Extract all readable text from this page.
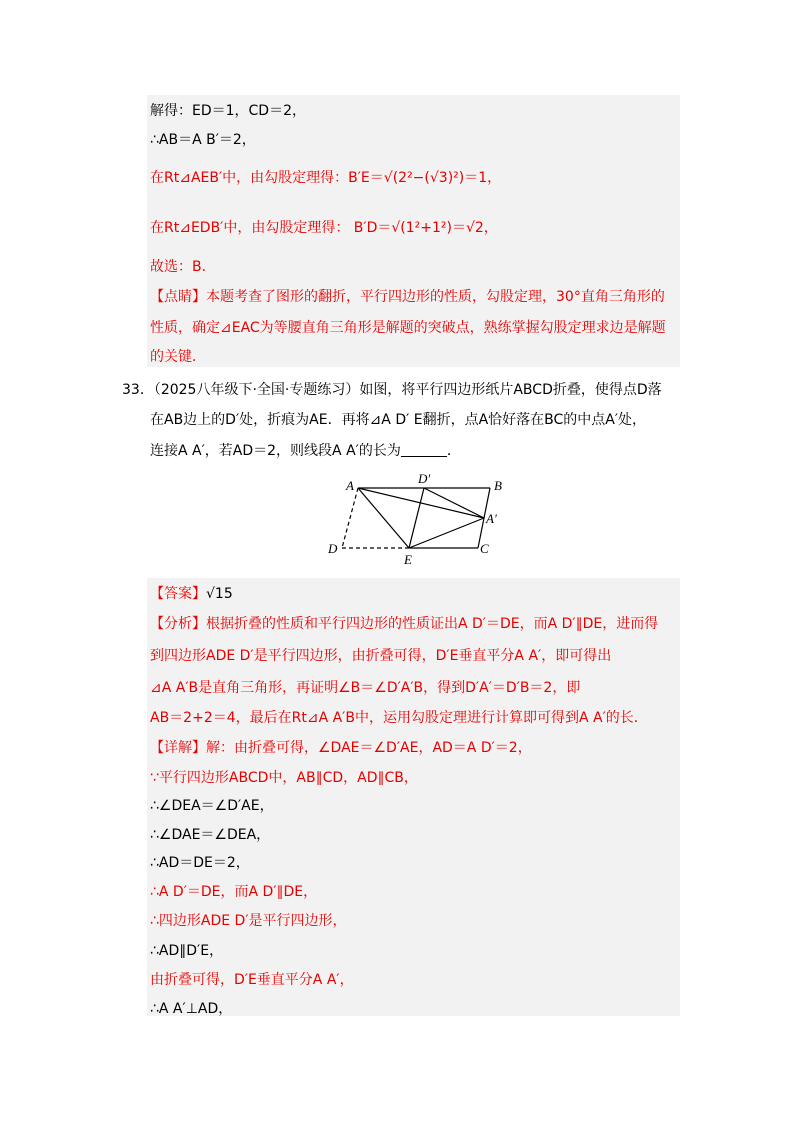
解得：ED＝1，CD＝2，
∴AB＝A B′＝2，
在Rt⊿AEB′中，由勾股定理得：B′E＝√(2²−(√3)²)＝1，
在Rt⊿EDB′中，由勾股定理得： B′D＝√(1²+1²)＝√2，
故选：B．
【点睛】本题考查了图形的翻折，平行四边形的性质，勾股定理，30°直角三角形的
性质，确定⊿EAC为等腰直角三角形是解题的突破点，熟练掌握勾股定理求边是解题
的关键．
33．（2025八年级下·全国·专题练习）如图，将平行四边形纸片ABCD折叠，使得点D落
在AB边上的D′处，折痕为AE．再将⊿A D′ E翻折，点A恰好落在BC的中点A′处，
连接A A′，若AD＝2，则线段A A′的长为	．
A	B
C
D
E
D′
A′
【答案】√15
【分析】根据折叠的性质和平行四边形的性质证出A D′＝DE，而A D′∥DE，进而得
到四边形ADE D′是平行四边形，由折叠可得，D′E垂直平分A A′，即可得出
⊿A A′B是直角三角形，再证明∠B＝∠D′A′B，得到D′A′＝D′B＝2，即
AB＝2+2＝4，最后在Rt⊿A A′B中，运用勾股定理进行计算即可得到A A′的长．
【详解】解：由折叠可得，∠DAE＝∠D′AE，AD＝A D′＝2，
∵平行四边形ABCD中，AB∥CD，AD∥CB，
∴∠DEA＝∠D′AE，
∴∠DAE＝∠DEA，
∴AD＝DE＝2，
∴A D′＝DE，而A D′∥DE，
∴四边形ADE D′是平行四边形，
∴AD∥D′E，
由折叠可得，D′E垂直平分A A′，
∴A A′⊥AD，
